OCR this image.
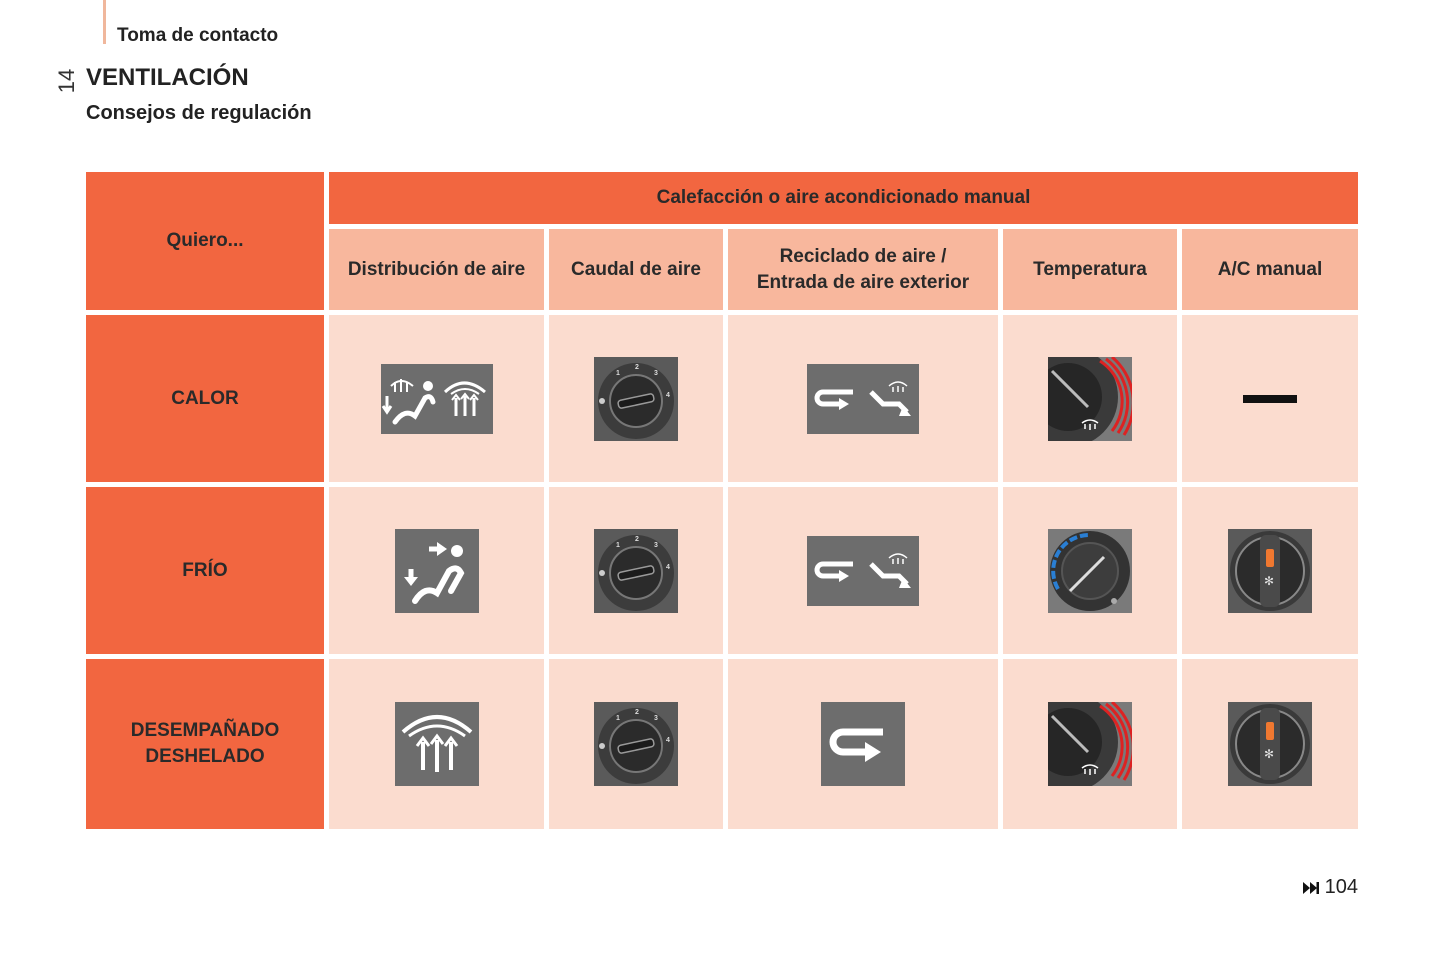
Toma de contacto
14 VENTILACIÓN
Consejos de regulación
Quiero...
Calefacción o aire acondicionado manual
Distribución de aire Caudal de aire
Reciclado de aire /
Entrada de aire exterior
Temperatura	A/C manual
CALOR
1
2
3
4
FRÍO
1
2
3
4
✻
DESEMPAÑADO
DESHELADO
1
2
3
4
✻
104
